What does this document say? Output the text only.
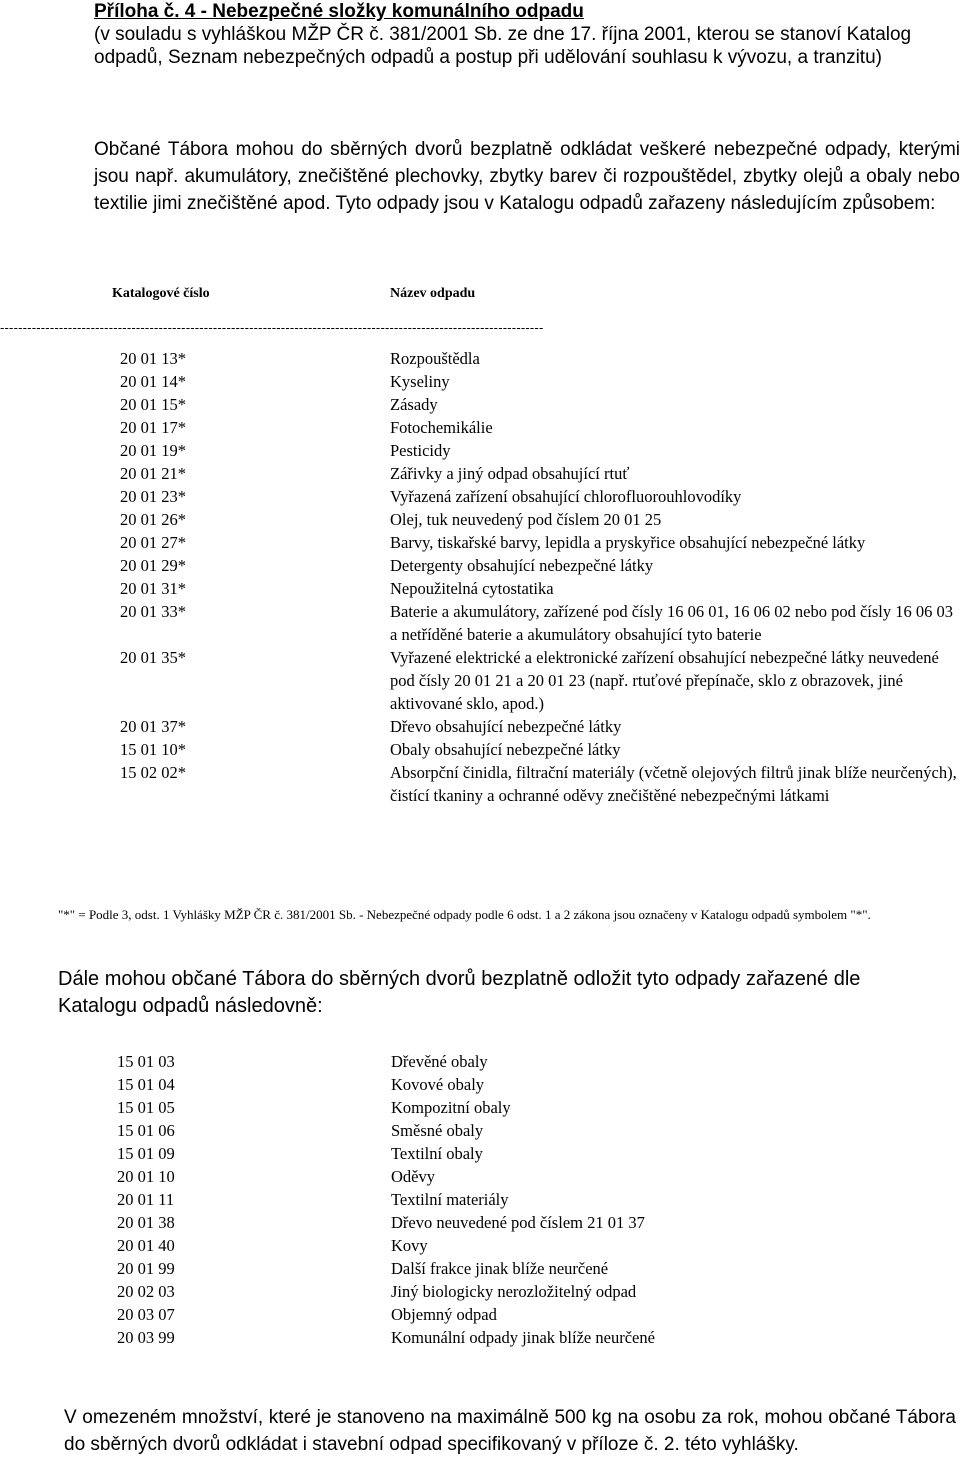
Příloha č. 4 - Nebezpečné složky komunálního odpadu
(v souladu s vyhláškou MŽP ČR č. 381/2001 Sb. ze dne 17. října 2001, kterou se stanoví Katalog odpadů, Seznam nebezpečných odpadů a postup při udělování souhlasu k vývozu, a tranzitu)
Občané Tábora mohou do sběrných dvorů bezplatně odkládat veškeré nebezpečné odpady, kterými jsou např. akumulátory, znečištěné plechovky, zbytky barev či rozpouštědel, zbytky olejů a obaly nebo textilie jimi znečištěné apod. Tyto odpady jsou v Katalogu odpadů zařazeny následujícím způsobem:
Katalogové číslo	Název odpadu
------------------------------------------------------------------------------------------------------------------------
20 01 13*	Rozpouštědla
20 01 14*	Kyseliny
20 01 15*	Zásady
20 01 17*	Fotochemikálie
20 01 19*	Pesticidy
20 01 21*	Zářivky a jiný odpad obsahující rtuť
20 01 23*	Vyřazená zařízení obsahující chlorofluorouhlovodíky
20 01 26*	Olej, tuk neuvedený pod číslem 20 01 25
20 01 27*	Barvy, tiskařské barvy, lepidla a pryskyřice obsahující nebezpečné látky
20 01 29*	Detergenty obsahující nebezpečné látky
20 01 31*	Nepoužitelná cytostatika
20 01 33*	Baterie a akumulátory, zařízené pod čísly 16 06 01, 16 06 02 nebo pod čísly 16 06 03 a netříděné baterie a akumulátory obsahující tyto baterie
20 01 35*	Vyřazené elektrické a elektronické zařízení obsahující nebezpečné látky neuvedené pod čísly 20 01 21 a 20 01 23 (např. rtuťové přepínače, sklo z obrazovek, jiné aktivované sklo, apod.)
20 01 37*	Dřevo obsahující nebezpečné látky
15 01 10*	Obaly obsahující nebezpečné látky
15 02 02*	Absorpční činidla, filtrační materiály (včetně olejových filtrů jinak blíže neurčených), čistící tkaniny a ochranné oděvy znečištěné nebezpečnými látkami
"*" = Podle 3, odst. 1 Vyhlášky MŽP ČR č. 381/2001 Sb. - Nebezpečné odpady podle 6 odst. 1 a 2 zákona jsou označeny v Katalogu odpadů symbolem "*".
Dále mohou občané Tábora do sběrných dvorů bezplatně odložit tyto odpady zařazené dle Katalogu odpadů následovně:
15 01 03	Dřevěné obaly
15 01 04	Kovové obaly
15 01 05	Kompozitní obaly
15 01 06	Směsné obaly
15 01 09	Textilní obaly
20 01 10	Oděvy
20 01 11	Textilní materiály
20 01 38	Dřevo neuvedené pod číslem 21 01 37
20 01 40	Kovy
20 01 99	Další frakce jinak blíže neurčené
20 02 03	Jiný biologicky nerozložitelný odpad
20 03 07	Objemný odpad
20 03 99	Komunální odpady jinak blíže neurčené
V omezeném množství, které je stanoveno na maximálně 500 kg na osobu za rok, mohou občané Tábora do sběrných dvorů odkládat i stavební odpad specifikovaný v příloze č. 2. této vyhlášky.
